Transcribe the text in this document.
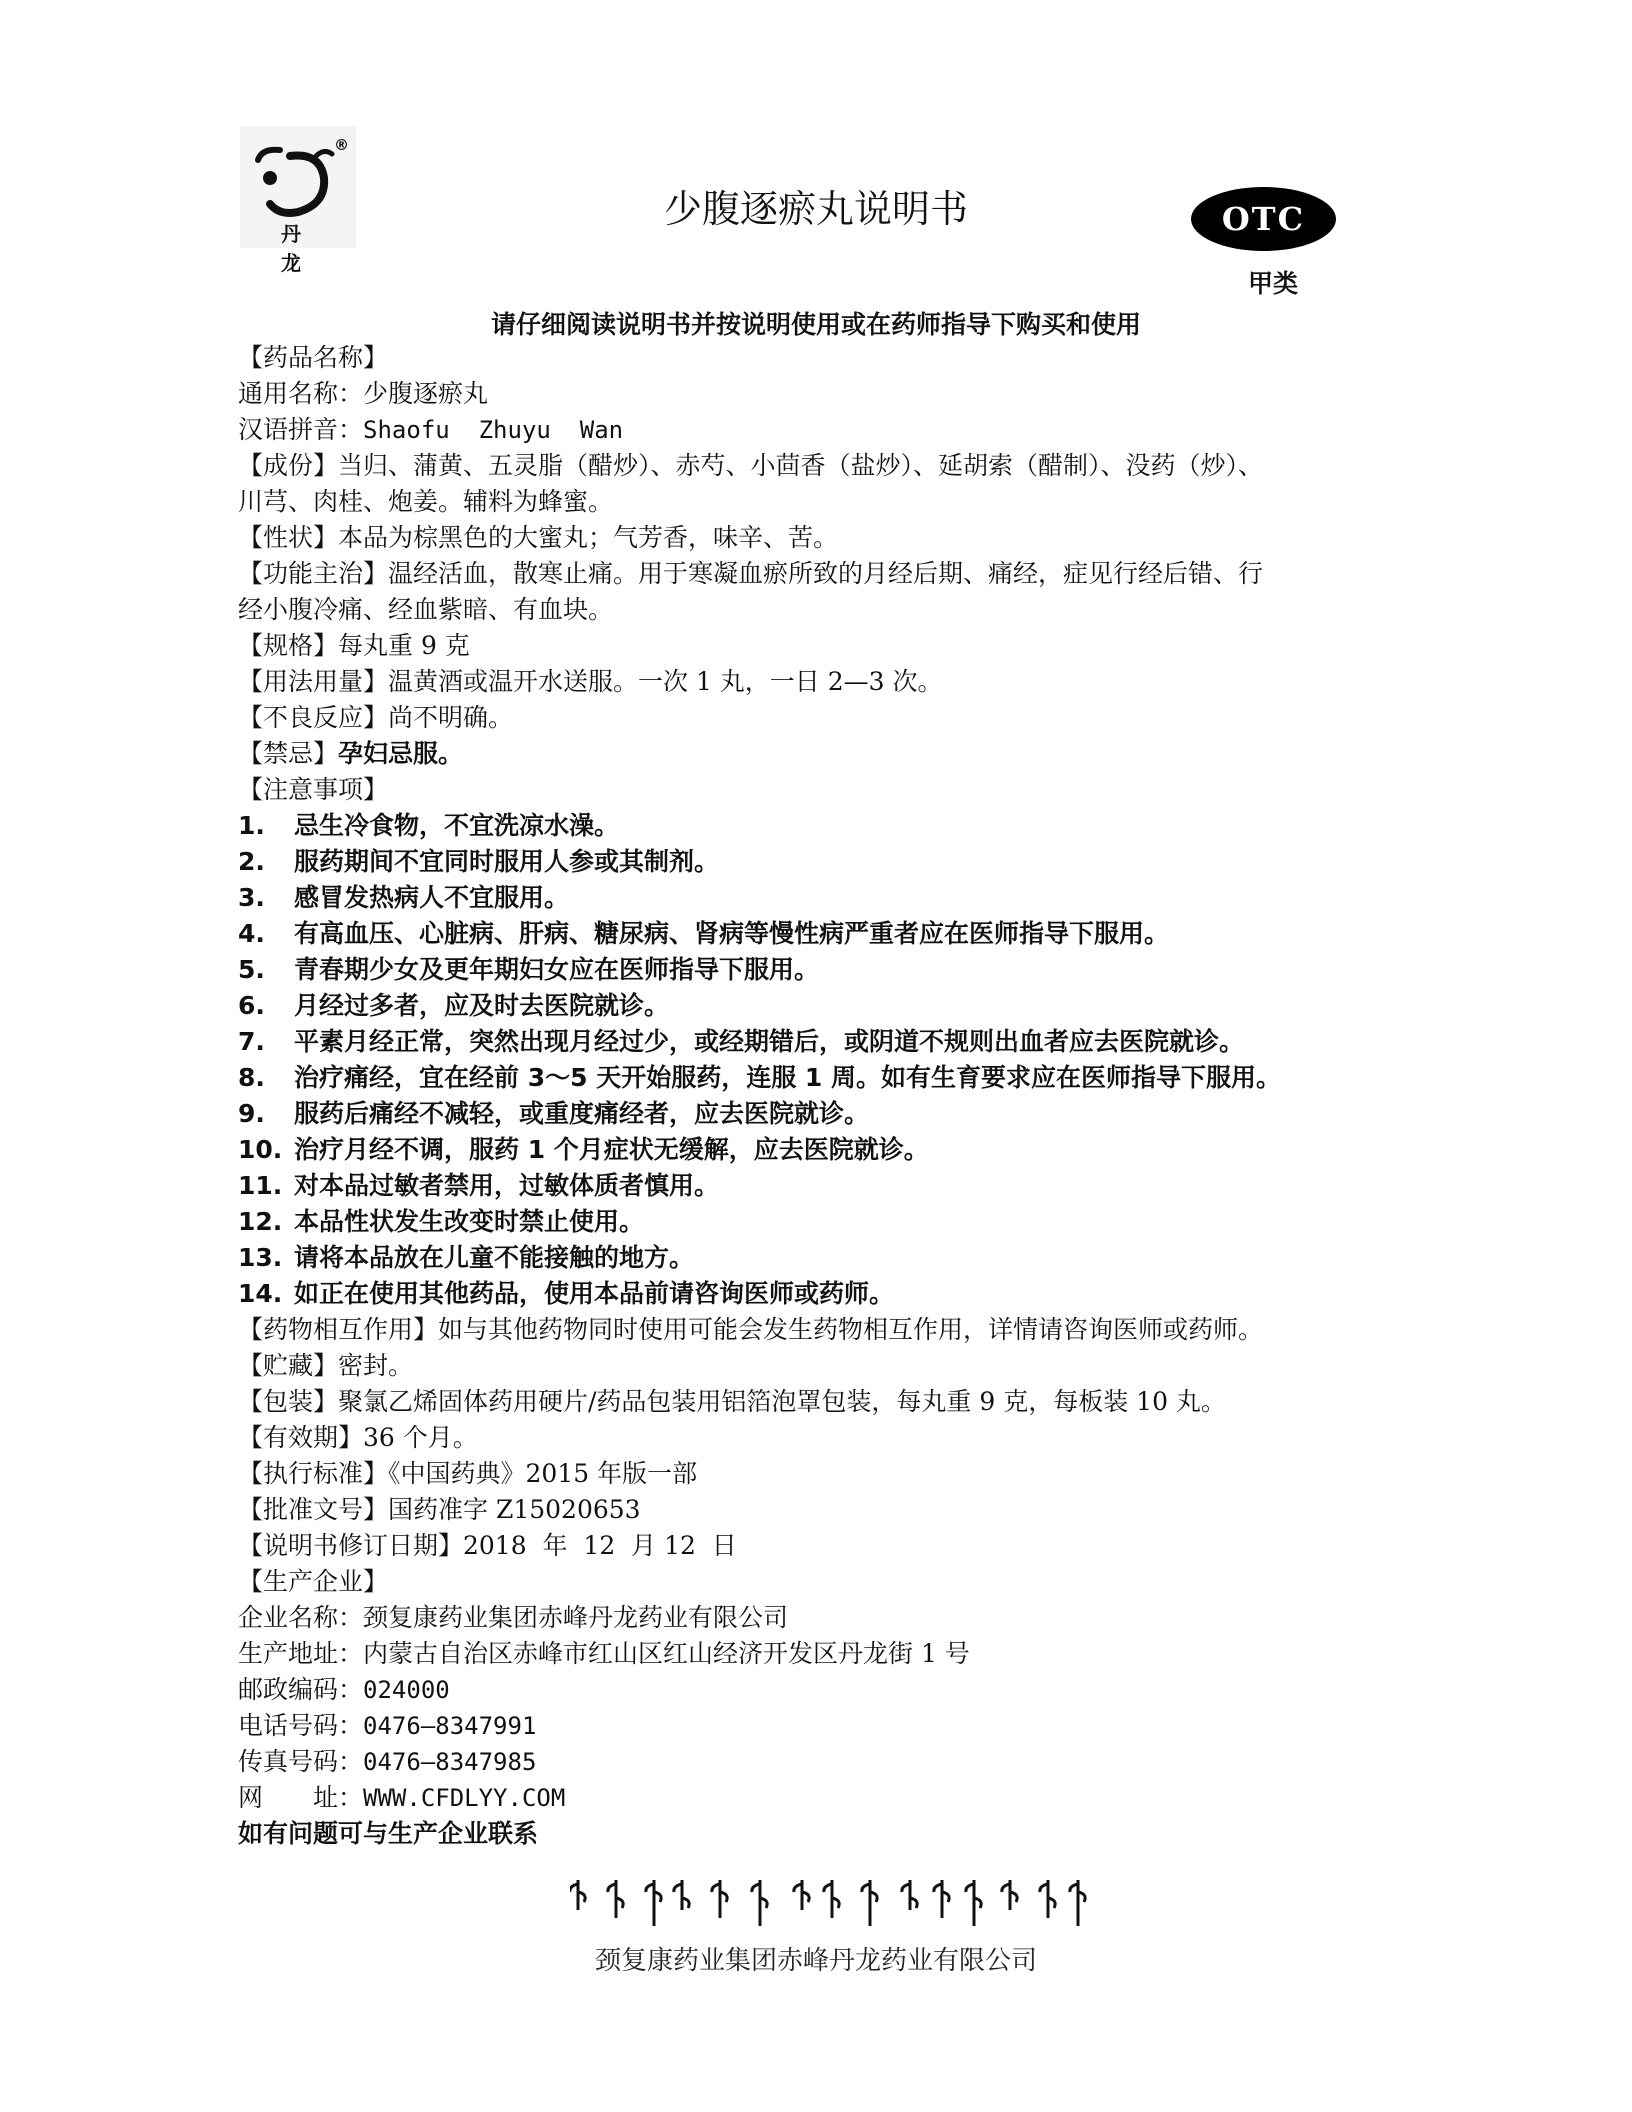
®
丹 龙
少腹逐瘀丸说明书	OTC
甲类
请仔细阅读说明书并按说明使用或在药师指导下购买和使用
【药品名称】
通用名称：少腹逐瘀丸
汉语拼音：Shaofu  Zhuyu  Wan
【成份】当归、蒲黄、五灵脂（醋炒）、赤芍、小茴香（盐炒）、延胡索（醋制）、没药（炒）、
川芎、肉桂、炮姜。辅料为蜂蜜。
【性状】本品为棕黑色的大蜜丸；气芳香，味辛、苦。
【功能主治】温经活血，散寒止痛。用于寒凝血瘀所致的月经后期、痛经，症见行经后错、行
经小腹冷痛、经血紫暗、有血块。
【规格】每丸重 9 克
【用法用量】温黄酒或温开水送服。一次 1 丸，一日 2—3 次。
【不良反应】尚不明确。
【禁忌】孕妇忌服。
【注意事项】
1. 忌生冷食物，不宜洗凉水澡。
2. 服药期间不宜同时服用人参或其制剂。
3. 感冒发热病人不宜服用。
4. 有高血压、心脏病、肝病、糖尿病、肾病等慢性病严重者应在医师指导下服用。
5. 青春期少女及更年期妇女应在医师指导下服用。
6. 月经过多者，应及时去医院就诊。
7. 平素月经正常，突然出现月经过少，或经期错后，或阴道不规则出血者应去医院就诊。
8. 治疗痛经，宜在经前 3～5 天开始服药，连服 1 周。如有生育要求应在医师指导下服用。
9. 服药后痛经不减轻，或重度痛经者，应去医院就诊。
10. 治疗月经不调，服药 1 个月症状无缓解，应去医院就诊。
11. 对本品过敏者禁用，过敏体质者慎用。
12. 本品性状发生改变时禁止使用。
13. 请将本品放在儿童不能接触的地方。
14. 如正在使用其他药品，使用本品前请咨询医师或药师。
【药物相互作用】如与其他药物同时使用可能会发生药物相互作用，详情请咨询医师或药师。
【贮藏】密封。
【包装】聚氯乙烯固体药用硬片/药品包装用铝箔泡罩包装，每丸重 9 克，每板装 10 丸。
【有效期】36 个月。
【执行标准】《中国药典》2015 年版一部
【批准文号】国药准字 Z15020653
【说明书修订日期】2018  年  12  月 12  日
【生产企业】
企业名称：颈复康药业集团赤峰丹龙药业有限公司
生产地址：内蒙古自治区赤峰市红山区红山经济开发区丹龙街 1 号
邮政编码：024000
电话号码：0476—8347991
传真号码：0476—8347985
网　　址：WWW.CFDLYY.COM
如有问题可与生产企业联系
颈复康药业集团赤峰丹龙药业有限公司
